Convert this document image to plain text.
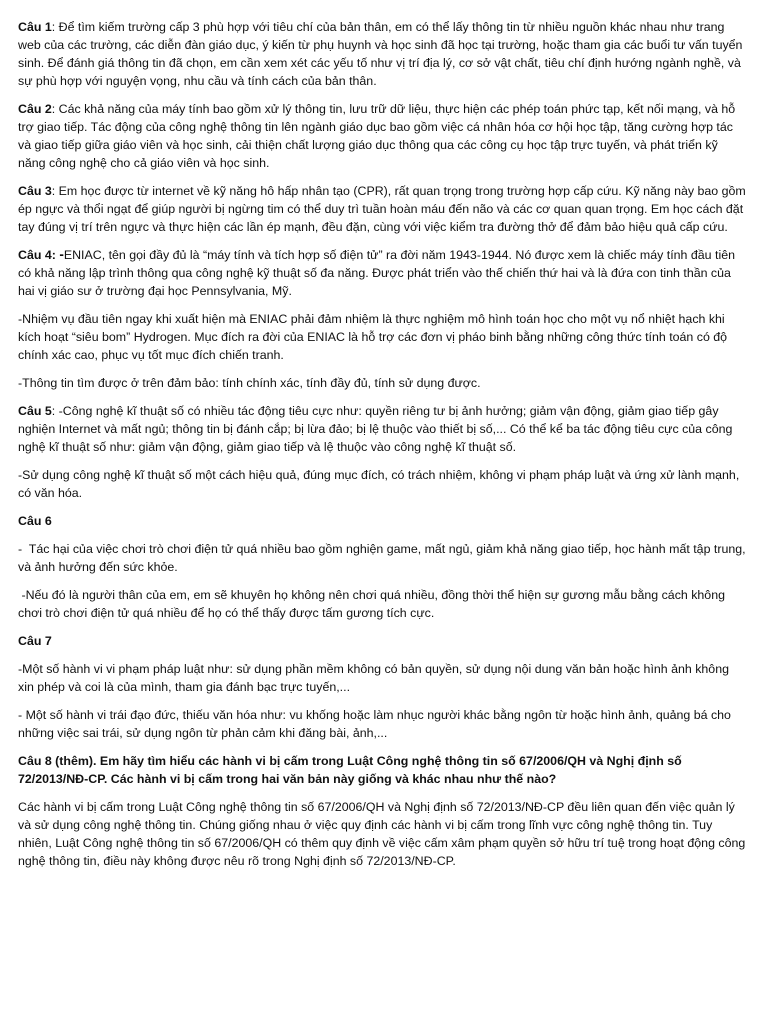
Câu 1: Để tìm kiếm trường cấp 3 phù hợp với tiêu chí của bản thân, em có thể lấy thông tin từ nhiều nguồn khác nhau như trang web của các trường, các diễn đàn giáo dục, ý kiến từ phụ huynh và học sinh đã học tại trường, hoặc tham gia các buổi tư vấn tuyển sinh. Để đánh giá thông tin đã chọn, em cần xem xét các yếu tố như vị trí địa lý, cơ sở vật chất, tiêu chí định hướng ngành nghề, và sự phù hợp với nguyện vọng, nhu cầu và tính cách của bản thân.

Câu 2: Các khả năng của máy tính bao gồm xử lý thông tin, lưu trữ dữ liệu, thực hiện các phép toán phức tạp, kết nối mạng, và hỗ trợ giao tiếp. Tác động của công nghệ thông tin lên ngành giáo dục bao gồm việc cá nhân hóa cơ hội học tập, tăng cường hợp tác và giao tiếp giữa giáo viên và học sinh, cải thiện chất lượng giáo dục thông qua các công cụ học tập trực tuyến, và phát triển kỹ năng công nghệ cho cả giáo viên và học sinh.

Câu 3: Em học được từ internet về kỹ năng hô hấp nhân tạo (CPR), rất quan trọng trong trường hợp cấp cứu. Kỹ năng này bao gồm ép ngực và thổi ngạt để giúp người bị ngừng tim có thể duy trì tuần hoàn máu đến não và các cơ quan quan trọng. Em học cách đặt tay đúng vị trí trên ngực và thực hiện các lần ép mạnh, đều đặn, cùng với việc kiểm tra đường thở để đảm bảo hiệu quả cấp cứu.

Câu 4: -ENIAC, tên gọi đầy đủ là “máy tính và tích hợp số điện tử” ra đời năm 1943-1944. Nó được xem là chiếc máy tính đầu tiên có khả năng lập trình thông qua công nghệ kỹ thuật số đa năng. Được phát triển vào thế chiến thứ hai và là đứa con tinh thần của hai vị giáo sư ở trường đại học Pennsylvania, Mỹ.

-Nhiệm vụ đầu tiên ngay khi xuất hiện mà ENIAC phải đảm nhiệm là thực nghiệm mô hình toán học cho một vụ nổ nhiệt hạch khi kích hoạt “siêu bom” Hydrogen. Mục đích ra đời của ENIAC là hỗ trợ các đơn vị pháo binh bằng những công thức tính toán có độ chính xác cao, phục vụ tốt mục đích chiến tranh.

-Thông tin tìm được ở trên đảm bảo: tính chính xác, tính đầy đủ, tính sử dụng được.

Câu 5: -Công nghệ kĩ thuật số có nhiều tác động tiêu cực như: quyền riêng tư bị ảnh hưởng; giảm vận động, giảm giao tiếp gây nghiện Internet và mất ngủ; thông tin bị đánh cắp; bị lừa đảo; bị lệ thuộc vào thiết bị số,... Có thể kể ba tác động tiêu cực của công nghệ kĩ thuật số như: giảm vận động, giảm giao tiếp và lệ thuộc vào công nghệ kĩ thuật số.

-Sử dụng công nghệ kĩ thuật số một cách hiệu quả, đúng mục đích, có trách nhiệm, không vi phạm pháp luật và ứng xử lành mạnh, có văn hóa.

Câu 6

-  Tác hại của việc chơi trò chơi điện tử quá nhiều bao gồm nghiện game, mất ngủ, giảm khả năng giao tiếp, học hành mất tập trung, và ảnh hưởng đến sức khỏe.

-Nếu đó là người thân của em, em sẽ khuyên họ không nên chơi quá nhiều, đồng thời thể hiện sự gương mẫu bằng cách không chơi trò chơi điện tử quá nhiều để họ có thể thấy được tấm gương tích cực.

Câu 7

-Một số hành vi vi phạm pháp luật như: sử dụng phần mềm không có bản quyền, sử dụng nội dung văn bản hoặc hình ảnh không xin phép và coi là của mình, tham gia đánh bạc trực tuyến,...

- Một số hành vi trái đạo đức, thiếu văn hóa như: vu khống hoặc làm nhục người khác bằng ngôn từ hoặc hình ảnh, quảng bá cho những việc sai trái, sử dụng ngôn từ phản cảm khi đăng bài, ảnh,...

Câu 8 (thêm). Em hãy tìm hiểu các hành vi bị cấm trong Luật Công nghệ thông tin số 67/2006/QH và Nghị định số 72/2013/NĐ-CP. Các hành vi bị cấm trong hai văn bản này giống và khác nhau như thế nào?

Các hành vi bị cấm trong Luật Công nghệ thông tin số 67/2006/QH và Nghị định số 72/2013/NĐ-CP đều liên quan đến việc quản lý và sử dụng công nghệ thông tin. Chúng giống nhau ở việc quy định các hành vi bị cấm trong lĩnh vực công nghệ thông tin. Tuy nhiên, Luật Công nghệ thông tin số 67/2006/QH có thêm quy định về việc cấm xâm phạm quyền sở hữu trí tuệ trong hoạt động công nghệ thông tin, điều này không được nêu rõ trong Nghị định số 72/2013/NĐ-CP.
